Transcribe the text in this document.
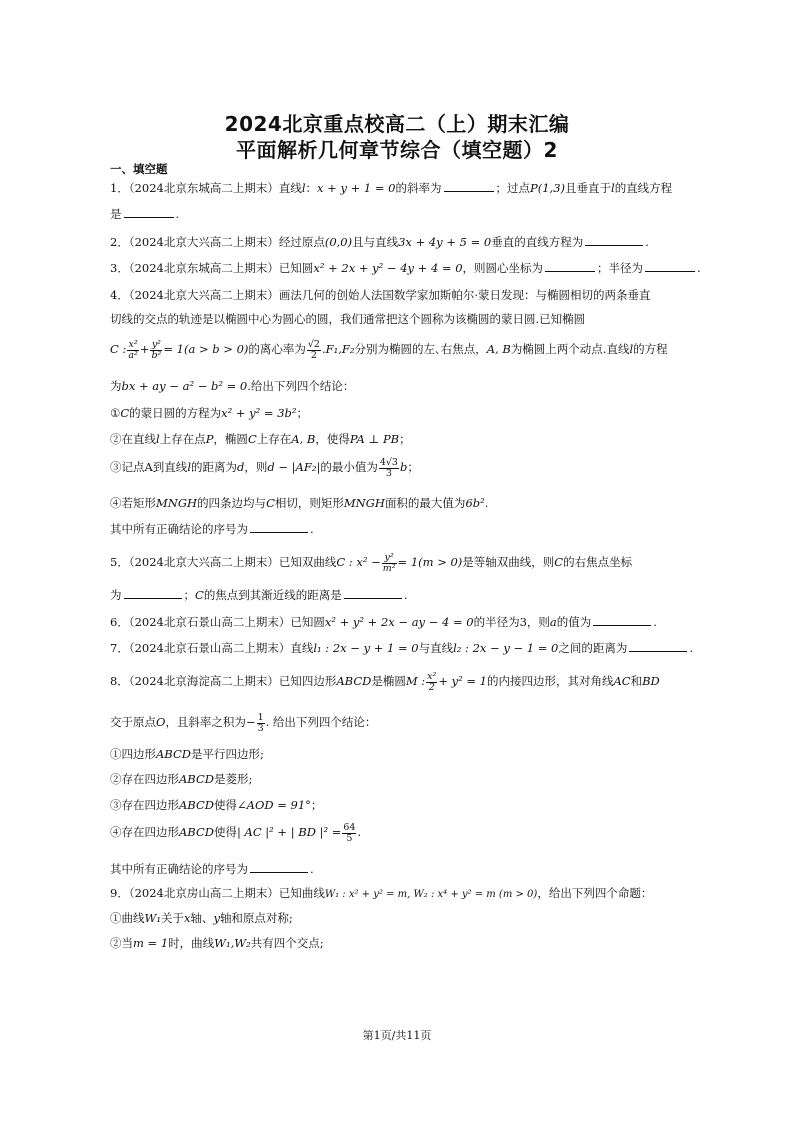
2024北京重点校高二（上）期末汇编
平面解析几何章节综合（填空题）2
一、填空题
1．（2024北京东城高二上期末）直线l：x + y + 1 = 0的斜率为	；过点P(1,3)且垂直于l的直线方程
是	.
2．（2024北京大兴高二上期末）经过原点(0,0)且与直线3x + 4y + 5 = 0垂直的直线方程为	.
3．（2024北京东城高二上期末）已知圆x² + 2x + y² − 4y + 4 = 0，则圆心坐标为	；半径为	.
4．（2024北京大兴高二上期末）画法几何的创始人法国数学家加斯帕尔·蒙日发现：与椭圆相切的两条垂直
切线的交点的轨迹是以椭圆中心为圆心的圆，我们通常把这个圆称为该椭圆的蒙日圆.已知椭圆
C : $\frac{\text{x²}}{\text{a²}} + \frac{\text{y²}}{\text{b²}} = 1(a > b > 0)$的离心率为 $\frac{√2}{2} .F_1,F_2$分别为椭圆的左､右焦点，A, B为椭圆上两个动点.直线l的方程
为bx + ay − a² − b² = 0.给出下列四个结论：
①C的蒙日圆的方程为x² + y² = 3b²；
②在直线l上存在点P，椭圆C上存在A, B，使得PA ⊥ PB；
③记点A到直线l的距离为d，则d − |AF₂|的最小值为 $\frac{4√3}{3}$ b；
④若矩形MNGH的四条边均与C相切，则矩形MNGH面积的最大值为6b².
其中所有正确结论的序号为	.
5．（2024北京大兴高二上期末）已知双曲线C : $x^2 - \frac{\text{y²}}{\text{m²}} = 1(m > 0)$是等轴双曲线，则C的右焦点坐标
为	；C的焦点到其渐近线的距离是	.
6．（2024北京石景山高二上期末）已知圆x² + y² + 2x − ay − 4 = 0的半径为3，则a的值为	.
7．（2024北京石景山高二上期末）直线l₁ : 2x − y + 1 = 0与直线l₂ : 2x − y − 1 = 0之间的距离为	.
8．（2024北京海淀高二上期末）已知四边形ABCD是椭圆M : $\frac{\text{x²}}{2} + y^2 = 1$的内接四边形，其对角线AC和BD
交于原点O，且斜率之积为− $\frac{1}{3}$ . 给出下列四个结论：
①四边形ABCD是平行四边形;
②存在四边形ABCD是菱形;
③存在四边形ABCD使得∠AOD = 91°；
④存在四边形ABCD使得| AC |² + | BD $|^2 = \frac{64}{5}$ .
其中所有正确结论的序号为	.
9．（2024北京房山高二上期末）已知曲线W₁ : x² + y² = m, W₂ : x⁴ + y² = m (m > 0)，给出下列四个命题：
①曲线W₁关于x轴、y轴和原点对称;
②当m = 1时，曲线W₁,W₂共有四个交点;
第1页/共11页
